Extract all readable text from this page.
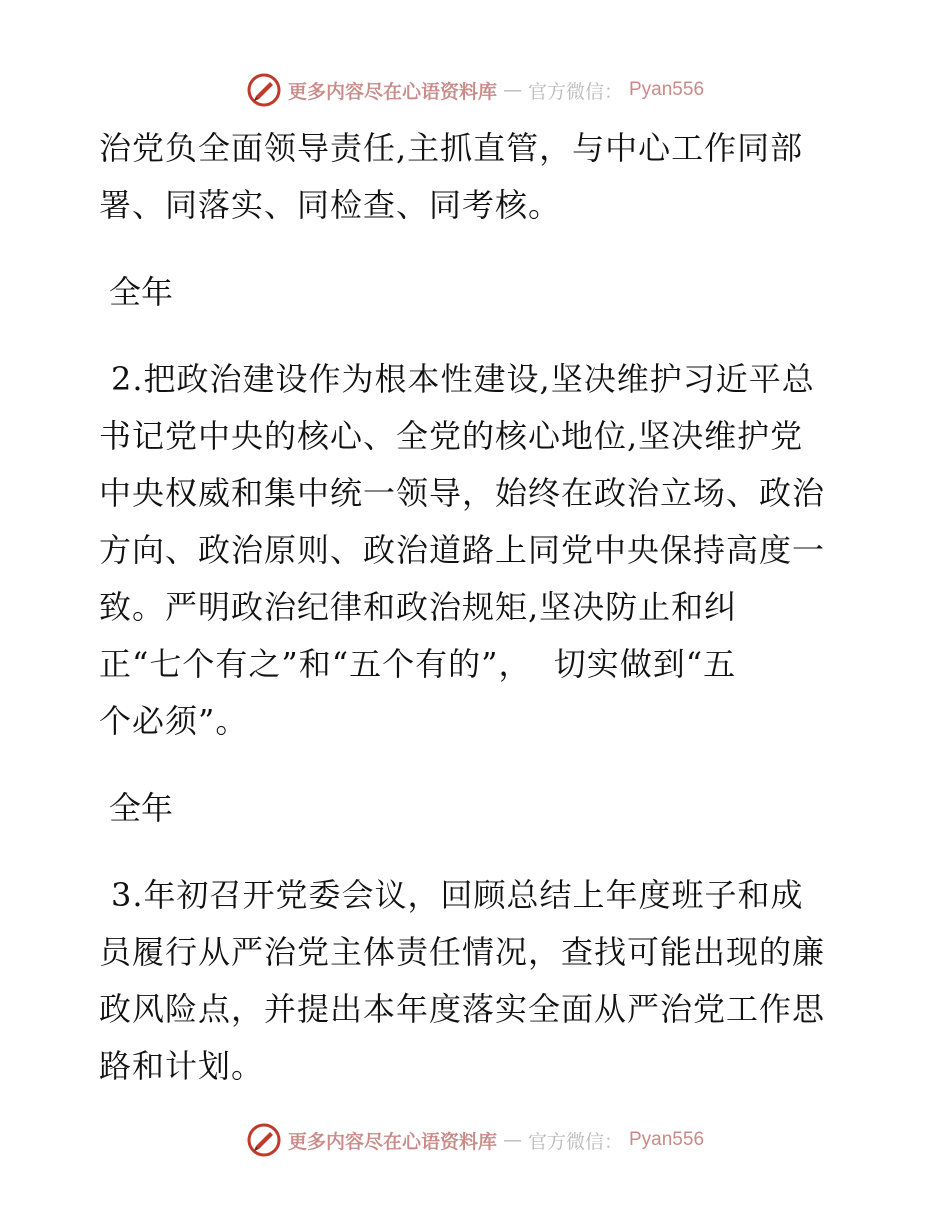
更多内容尽在心语资料库 — 官方微信： Pyan556

治党负全面领导责任,主抓直管，与中心工作同部

署、同落实、同检查、同考核。

全年

2.把政治建设作为根本性建设,坚决维护习近平总

书记党中央的核心、全党的核心地位,坚决维护党

中央权威和集中统一领导，始终在政治立场、政治

方向、政治原则、政治道路上同党中央保持高度一

致。严明政治纪律和政治规矩,坚决防止和纠

正“七个有之”和“五个有的”，  切实做到“五

个必须”。

全年

3.年初召开党委会议，回顾总结上年度班子和成

员履行从严治党主体责任情况，查找可能出现的廉

政风险点，并提出本年度落实全面从严治党工作思

路和计划。

更多内容尽在心语资料库 — 官方微信： Pyan556
